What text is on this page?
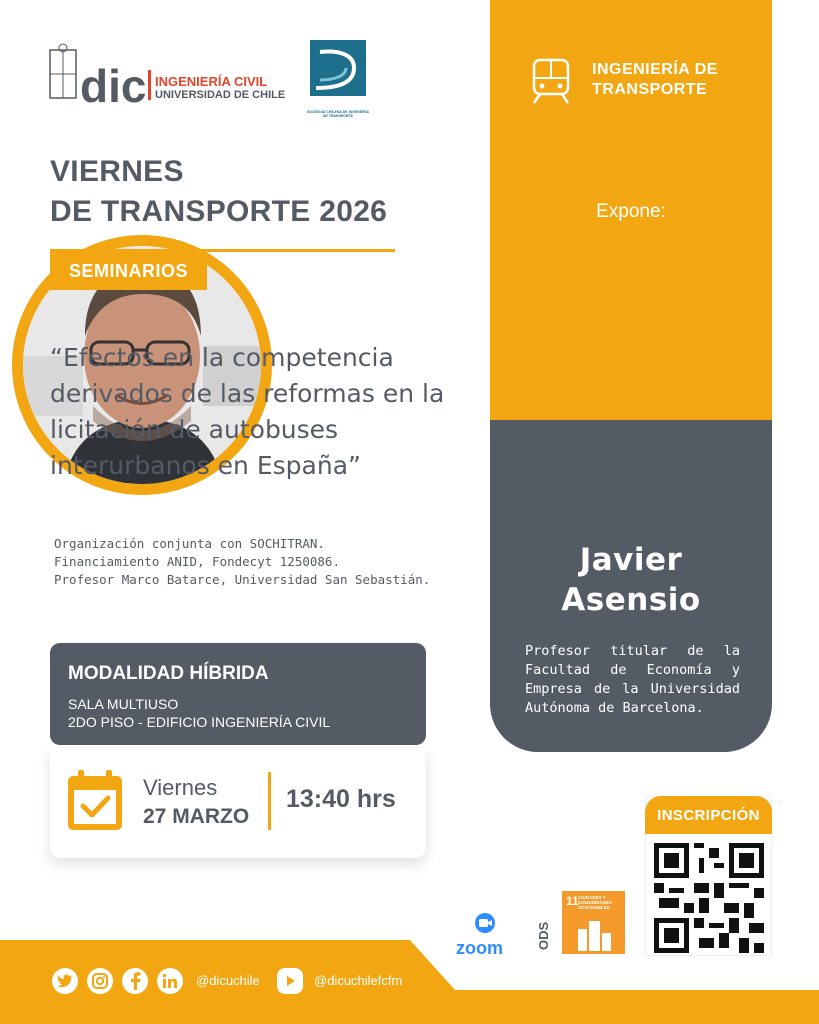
dic INGENIERÍA CIVIL
UNIVERSIDAD DE CHILE
SOCIEDAD CHILENA DE INGENIERÍA DE TRANSPORTE
INGENIERÍA DE
TRANSPORTE
VIERNES
DE TRANSPORTE 2026
SEMINARIOS
“Efectos en la competencia derivados de las reformas en la licitación de autobuses interurbanos en España”
Organización conjunta con SOCHITRAN.
Financiamiento ANID, Fondecyt 1250086.
Profesor Marco Batarce, Universidad San Sebastián.
MODALIDAD HÍBRIDA
SALA MULTIUSO
2DO PISO - EDIFICIO INGENIERÍA CIVIL
Viernes
27 MARZO
13:40 hrs
Expone:
Javier
Asensio
Profesor titular de la Facultad de Economía y Empresa de la Universidad Autónoma de Barcelona.
INSCRIPCIÓN
ODS
11 CIUDADES Y COMUNIDADES SOSTENIBLES
zoom
@dicuchile	@dicuchilefcfm
